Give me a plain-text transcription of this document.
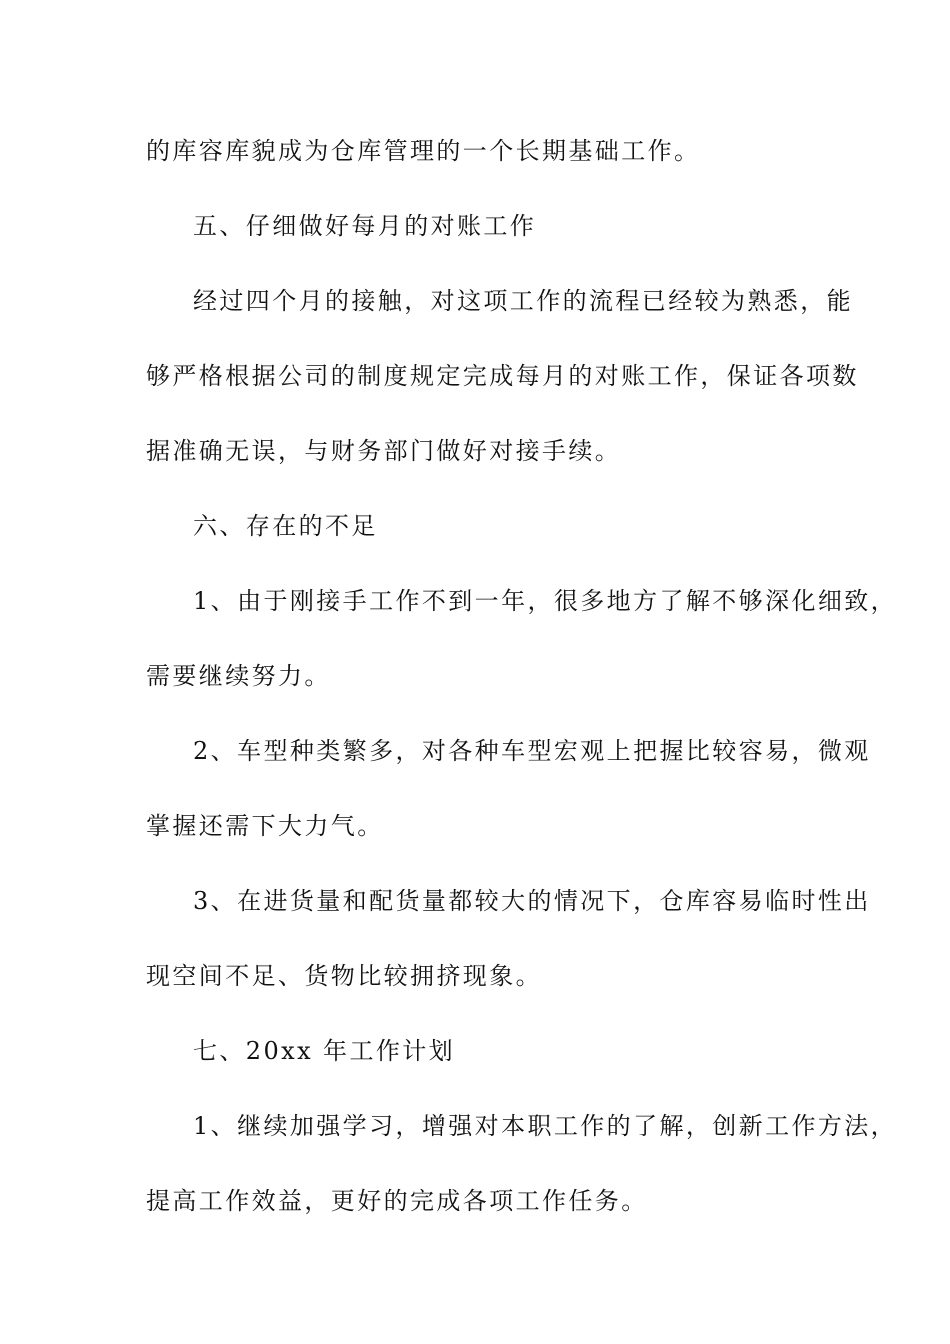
的库容库貌成为仓库管理的一个长期基础工作。
五、仔细做好每月的对账工作
经过四个月的接触，对这项工作的流程已经较为熟悉，能
够严格根据公司的制度规定完成每月的对账工作，保证各项数
据准确无误，与财务部门做好对接手续。
六、存在的不足
1、由于刚接手工作不到一年，很多地方了解不够深化细致，
需要继续努力。
2、车型种类繁多，对各种车型宏观上把握比较容易，微观
掌握还需下大力气。
3、在进货量和配货量都较大的情况下，仓库容易临时性出
现空间不足、货物比较拥挤现象。
七、20xx 年工作计划
1、继续加强学习，增强对本职工作的了解，创新工作方法，
提高工作效益，更好的完成各项工作任务。
